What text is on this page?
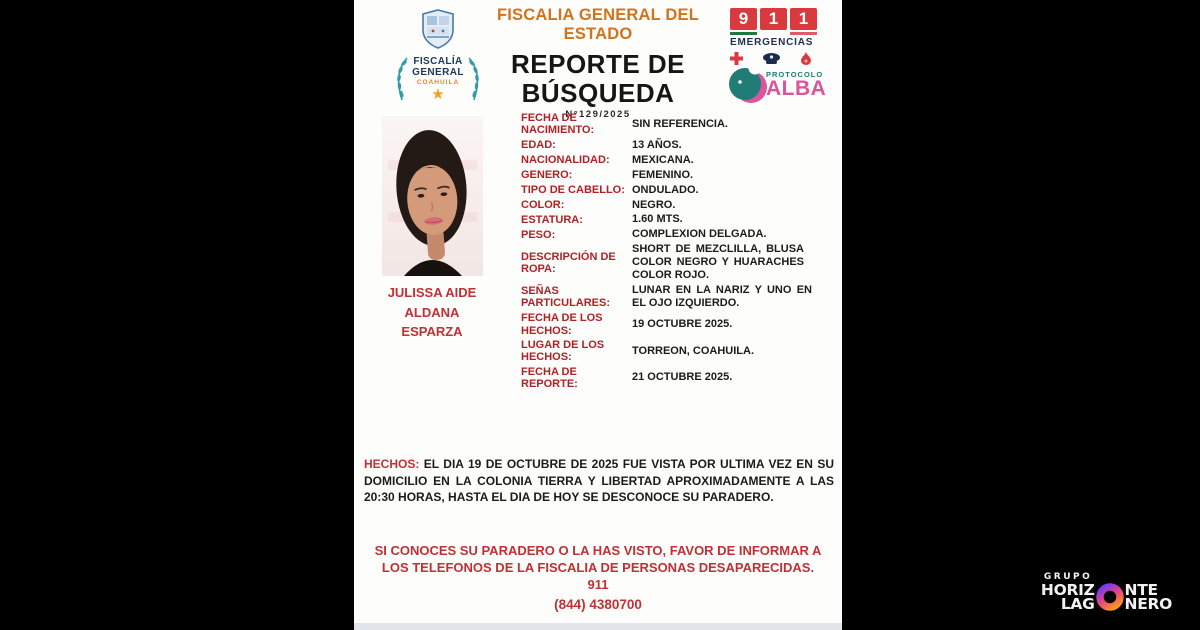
FISCALÍA
GENERAL
COAHUILA
★
FISCALIA GENERAL DEL
ESTADO
REPORTE DE
BÚSQUEDA
N°129/2025
9	1	1
EMERGENCIAS
PROTOCOLO
ALBA
JULISSA AIDE
ALDANA
ESPARZA
FECHA DE NACIMIENTO:
SIN REFERENCIA.
EDAD:	13 AÑOS.
NACIONALIDAD:	MEXICANA.
GENERO:	FEMENINO.
TIPO DE CABELLO: ONDULADO.
COLOR:	NEGRO.
ESTATURA:	1.60 MTS.
PESO:	COMPLEXION DELGADA.
DESCRIPCIÓN DE ROPA:
SHORT DE MEZCLILLA, BLUSA COLOR NEGRO Y HUARACHES COLOR ROJO.
SEÑAS PARTICULARES:
LUNAR EN LA NARIZ Y UNO EN EL OJO IZQUIERDO.
FECHA DE LOS HECHOS:
19 OCTUBRE 2025.
LUGAR DE LOS HECHOS:
TORREON, COAHUILA.
FECHA DE REPORTE:
21 OCTUBRE 2025.
HECHOS: EL DIA 19 DE OCTUBRE DE 2025 FUE VISTA POR ULTIMA VEZ EN SU DOMICILIO EN LA COLONIA TIERRA Y LIBERTAD APROXIMADAMENTE A LAS 20:30 HORAS, HASTA EL DIA DE HOY SE DESCONOCE SU PARADERO.
SI CONOCES SU PARADERO O LA HAS VISTO, FAVOR DE INFORMAR A
LOS TELEFONOS DE LA FISCALIA DE PERSONAS DESAPARECIDAS.
911
(844) 4380700
GRUPO
HORIZ NTE
LAG NERO
